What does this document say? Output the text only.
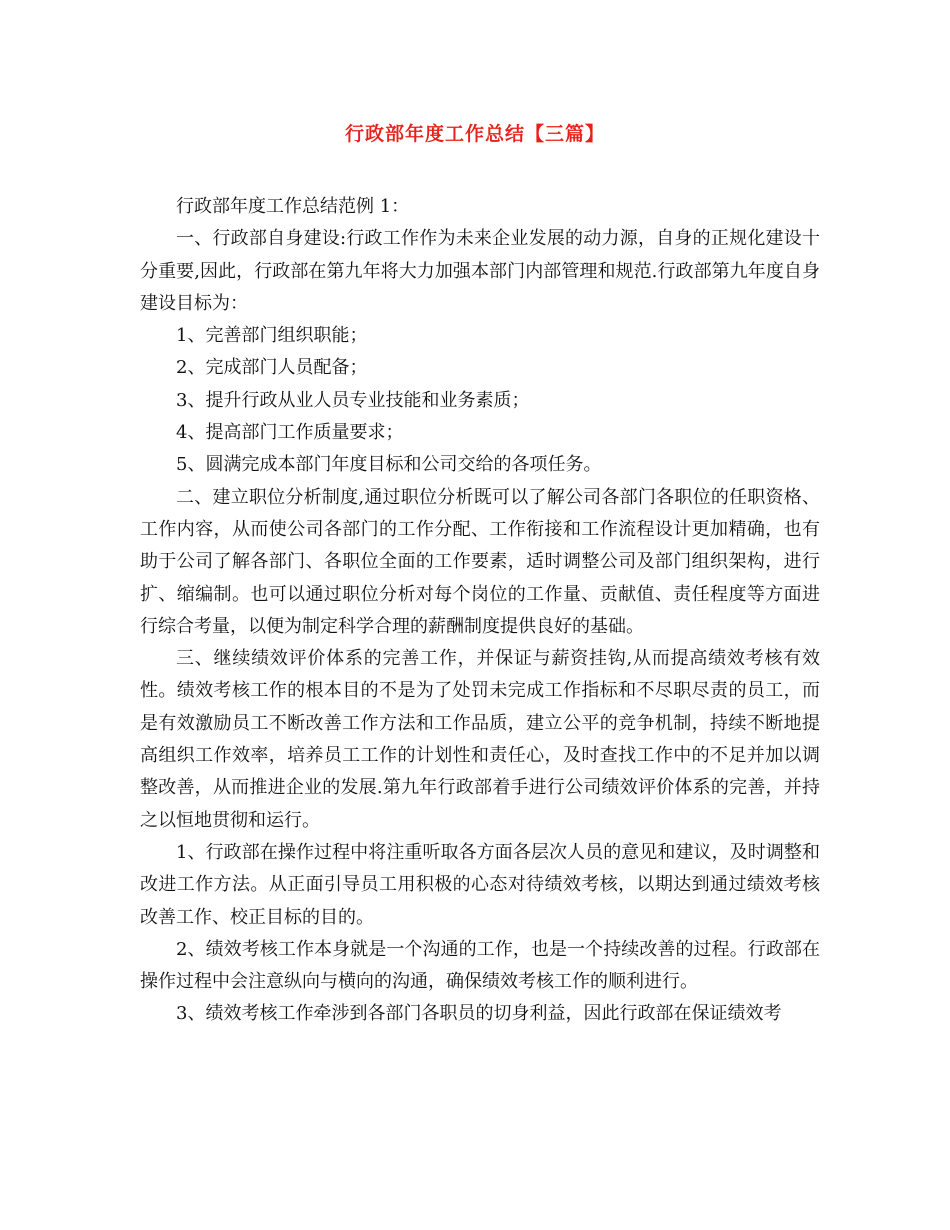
行政部年度工作总结【三篇】

行政部年度工作总结范例 1：

一、行政部自身建设:行政工作作为未来企业发展的动力源，自身的正规化建设十分重要,因此，行政部在第九年将大力加强本部门内部管理和规范.行政部第九年度自身建设目标为：

1、完善部门组织职能；

2、完成部门人员配备；

3、提升行政从业人员专业技能和业务素质；

4、提高部门工作质量要求；

5、圆满完成本部门年度目标和公司交给的各项任务。

二、建立职位分析制度,通过职位分析既可以了解公司各部门各职位的任职资格、工作内容，从而使公司各部门的工作分配、工作衔接和工作流程设计更加精确，也有助于公司了解各部门、各职位全面的工作要素，适时调整公司及部门组织架构，进行扩、缩编制。也可以通过职位分析对每个岗位的工作量、贡献值、责任程度等方面进行综合考量，以便为制定科学合理的薪酬制度提供良好的基础。

三、继续绩效评价体系的完善工作，并保证与薪资挂钩,从而提高绩效考核有效性。绩效考核工作的根本目的不是为了处罚未完成工作指标和不尽职尽责的员工，而是有效激励员工不断改善工作方法和工作品质，建立公平的竞争机制，持续不断地提高组织工作效率，培养员工工作的计划性和责任心，及时查找工作中的不足并加以调整改善，从而推进企业的发展.第九年行政部着手进行公司绩效评价体系的完善，并持之以恒地贯彻和运行。

1、行政部在操作过程中将注重听取各方面各层次人员的意见和建议，及时调整和改进工作方法。从正面引导员工用积极的心态对待绩效考核，以期达到通过绩效考核改善工作、校正目标的目的。

2、绩效考核工作本身就是一个沟通的工作，也是一个持续改善的过程。行政部在操作过程中会注意纵向与横向的沟通，确保绩效考核工作的顺利进行。

3、绩效考核工作牵涉到各部门各职员的切身利益，因此行政部在保证绩效考
